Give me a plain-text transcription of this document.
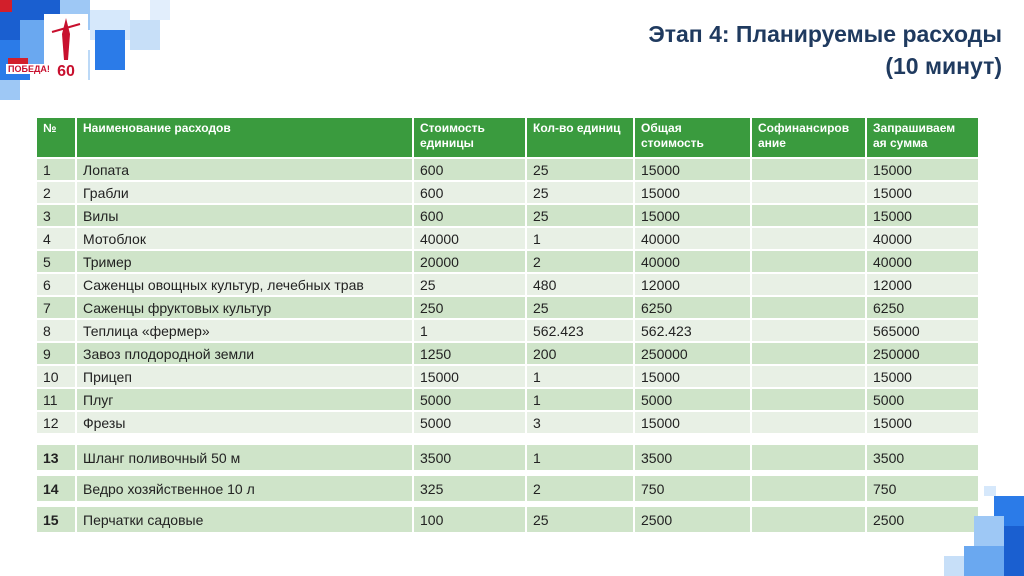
60
ПОБЕДА!
Этап 4: Планируемые расходы
(10 минут)
№	Наименование расходов	Стоимость единицы	Кол-во единиц	Общая стоимость	Софинансиров ание	Запрашиваем ая сумма
1	Лопата	600	25	15000		15000
2	Грабли	600	25	15000		15000
3	Вилы	600	25	15000		15000
4	Мотоблок	40000	1	40000		40000
5	Тример	20000	2	40000		40000
6	Саженцы овощных культур, лечебных трав	25	480	12000		12000
7	Саженцы фруктовых культур	250	25	6250		6250
8	Теплица «фермер»	1	562.423	562.423		565000
9	Завоз плодородной земли	1250	200	250000		250000
10	Прицеп	15000	1	15000		15000
11	Плуг	5000	1	5000		5000
12	Фрезы	5000	3	15000		15000
13	Шланг поливочный 50 м	3500	1	3500		3500

14	Ведро хозяйственное 10 л	325	2	750		750

15	Перчатки садовые	100	25	2500		2500
